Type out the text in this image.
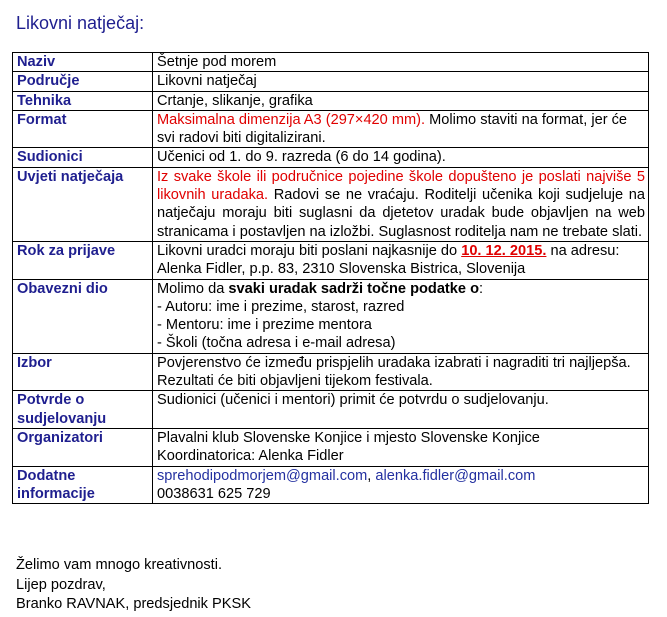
Likovni natječaj:
Naziv	Šetnje pod morem
Područje	Likovni natječaj
Tehnika	Crtanje, slikanje, grafika
Format	Maksimalna dimenzija A3 (297×420 mm). Molimo staviti na format, jer će svi radovi biti digitalizirani.
Sudionici	Učenici od 1. do 9. razreda (6 do 14 godina).
Uvjeti natječaja	Iz svake škole ili područnice pojedine škole dopušteno je poslati najviše 5 likovnih uradaka. Radovi se ne vraćaju. Roditelji učenika koji sudjeluje na natječaju moraju biti suglasni da djetetov uradak bude objavljen na web stranicama i postavljen na izložbi. Suglasnost roditelja nam ne trebate slati.
Rok za prijave	Likovni uradci moraju biti poslani najkasnije do 10. 12. 2015. na adresu:
Alenka Fidler, p.p. 83, 2310 Slovenska Bistrica, Slovenija
Obavezni dio	Molimo da svaki uradak sadrži točne podatke o:
- Autoru: ime i prezime, starost, razred
- Mentoru: ime i prezime mentora
- Školi (točna adresa i e-mail adresa)
Izbor	Povjerenstvo će između prispjelih uradaka izabrati i nagraditi tri najljepša. Rezultati će biti objavljeni tijekom festivala.
Potvrde o sudjelovanju	Sudionici (učenici i mentori) primit će potvrdu o sudjelovanju.
Organizatori	Plavalni klub Slovenske Konjice i mjesto Slovenske Konjice
Koordinatorica: Alenka Fidler
Dodatne informacije	sprehodipodmorjem@gmail.com, alenka.fidler@gmail.com
0038631 625 729
Želimo vam mnogo kreativnosti.
Lijep pozdrav,
Branko RAVNAK, predsjednik PKSK
